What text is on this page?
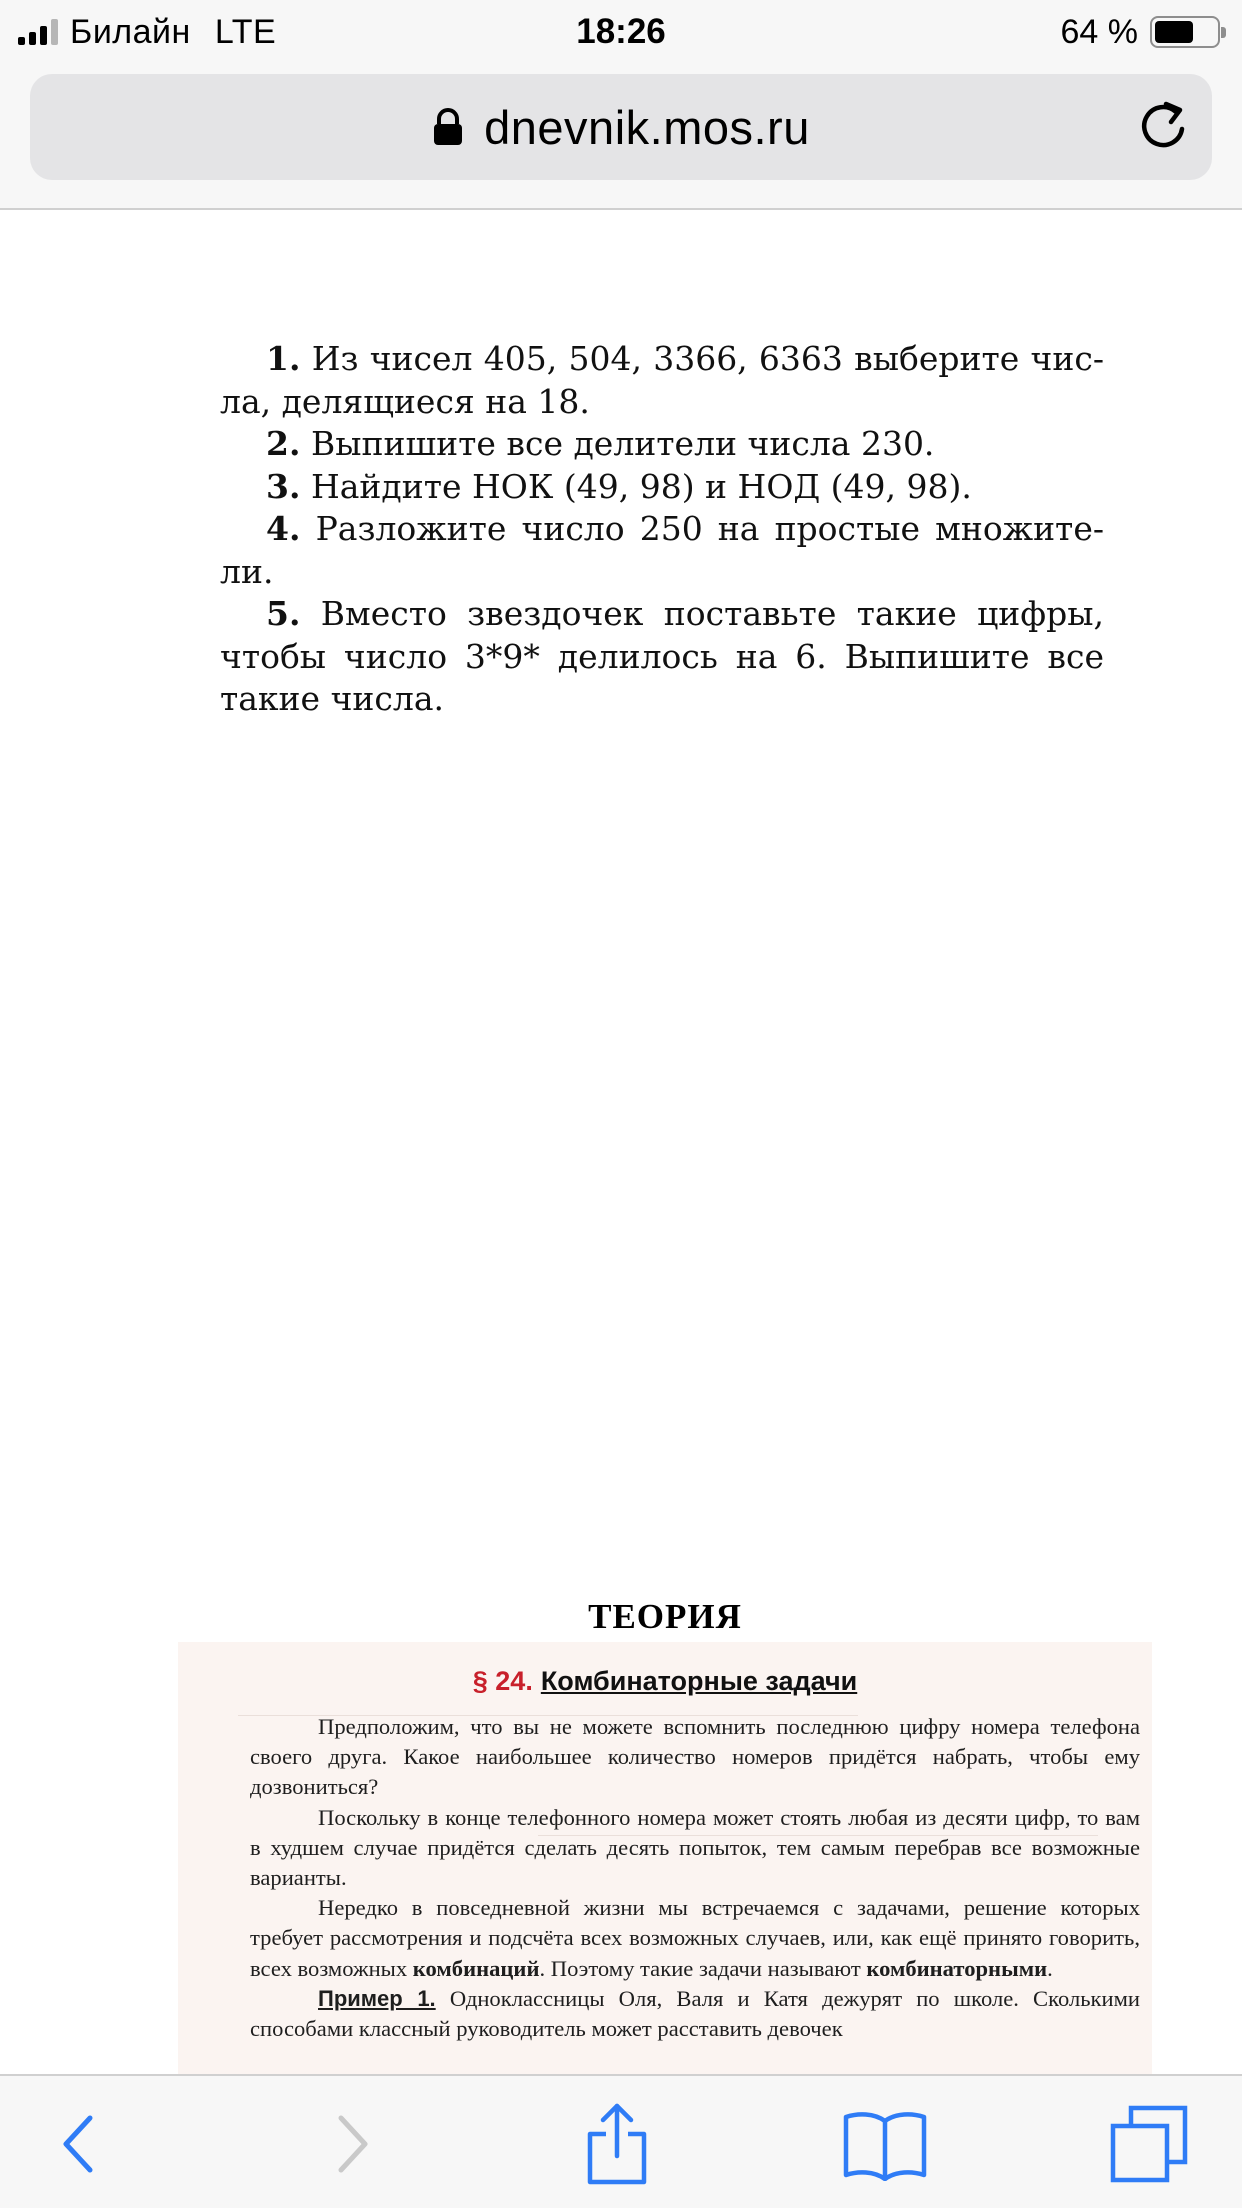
Билайн LTE	18:26	64 %
dnevnik.mos.ru
1. Из чисел 405, 504, 3366, 6363 выберите числа, делящиеся на 18.
2. Выпишите все делители числа 230.
3. Найдите НОК (49, 98) и НОД (49, 98).
4. Разложите число 250 на простые множители.
5. Вместо звездочек поставьте такие цифры, чтобы число 3*9* делилось на 6. Выпишите все такие числа.
ТЕОРИЯ
§ 24. Комбинаторные задачи

Предположим, что вы не можете вспомнить последнюю цифру номера телефона своего друга. Какое наибольшее количество номеров придётся набрать, чтобы ему дозвониться?

Поскольку в конце телефонного номера может стоять любая из десяти цифр, то вам в худшем случае придётся сделать десять попыток, тем самым перебрав все возможные варианты.

Нередко в повседневной жизни мы встречаемся с задачами, решение которых требует рассмотрения и подсчёта всех возможных случаев, или, как ещё принято говорить, всех возможных комбинаций. Поэтому такие задачи называют комбинаторными.

Пример 1. Одноклассницы Оля, Валя и Катя дежурят по школе. Сколькими способами классный руководитель может расставить девочек
